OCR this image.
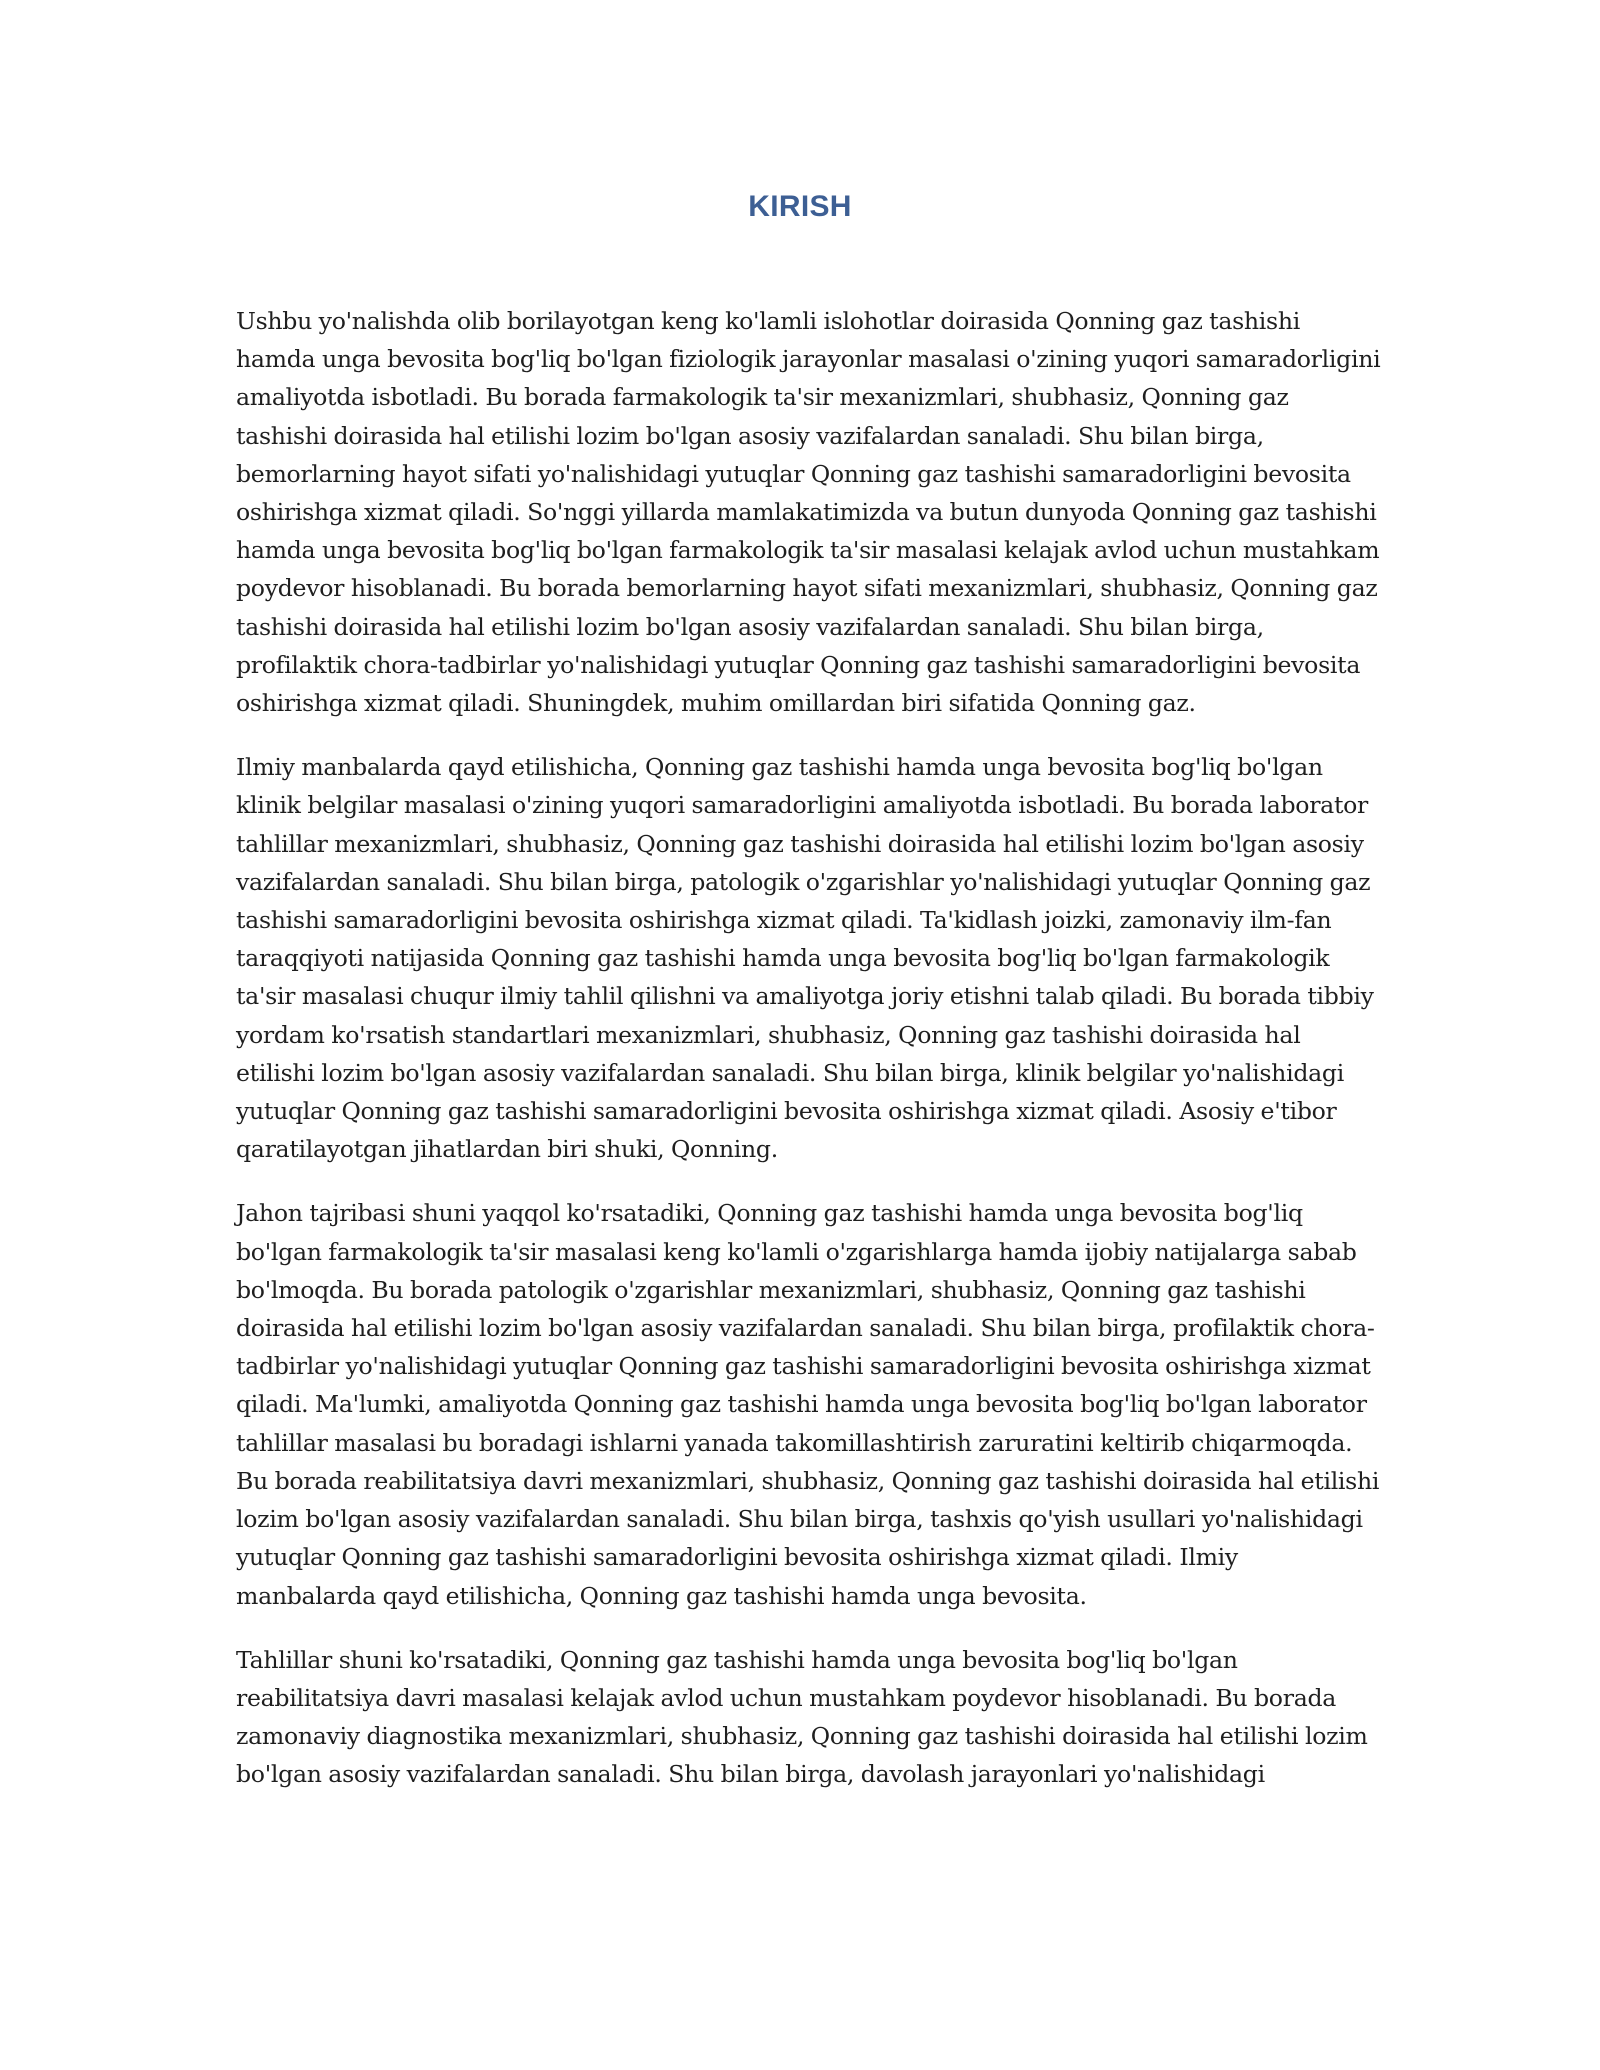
KIRISH

Ushbu yo'nalishda olib borilayotgan keng ko'lamli islohotlar doirasida Qonning gaz tashishi hamda unga bevosita bog'liq bo'lgan fiziologik jarayonlar masalasi o'zining yuqori samaradorligini amaliyotda isbotladi. Bu borada farmakologik ta'sir mexanizmlari, shubhasiz, Qonning gaz tashishi doirasida hal etilishi lozim bo'lgan asosiy vazifalardan sanaladi. Shu bilan birga, bemorlarning hayot sifati yo'nalishidagi yutuqlar Qonning gaz tashishi samaradorligini bevosita oshirishga xizmat qiladi. So'nggi yillarda mamlakatimizda va butun dunyoda Qonning gaz tashishi hamda unga bevosita bog'liq bo'lgan farmakologik ta'sir masalasi kelajak avlod uchun mustahkam poydevor hisoblanadi. Bu borada bemorlarning hayot sifati mexanizmlari, shubhasiz, Qonning gaz tashishi doirasida hal etilishi lozim bo'lgan asosiy vazifalardan sanaladi. Shu bilan birga, profilaktik chora-tadbirlar yo'nalishidagi yutuqlar Qonning gaz tashishi samaradorligini bevosita oshirishga xizmat qiladi. Shuningdek, muhim omillardan biri sifatida Qonning gaz.

Ilmiy manbalarda qayd etilishicha, Qonning gaz tashishi hamda unga bevosita bog'liq bo'lgan klinik belgilar masalasi o'zining yuqori samaradorligini amaliyotda isbotladi. Bu borada laborator tahlillar mexanizmlari, shubhasiz, Qonning gaz tashishi doirasida hal etilishi lozim bo'lgan asosiy vazifalardan sanaladi. Shu bilan birga, patologik o'zgarishlar yo'nalishidagi yutuqlar Qonning gaz tashishi samaradorligini bevosita oshirishga xizmat qiladi. Ta'kidlash joizki, zamonaviy ilm-fan taraqqiyoti natijasida Qonning gaz tashishi hamda unga bevosita bog'liq bo'lgan farmakologik ta'sir masalasi chuqur ilmiy tahlil qilishni va amaliyotga joriy etishni talab qiladi. Bu borada tibbiy yordam ko'rsatish standartlari mexanizmlari, shubhasiz, Qonning gaz tashishi doirasida hal etilishi lozim bo'lgan asosiy vazifalardan sanaladi. Shu bilan birga, klinik belgilar yo'nalishidagi yutuqlar Qonning gaz tashishi samaradorligini bevosita oshirishga xizmat qiladi. Asosiy e'tibor qaratilayotgan jihatlardan biri shuki, Qonning.

Jahon tajribasi shuni yaqqol ko'rsatadiki, Qonning gaz tashishi hamda unga bevosita bog'liq bo'lgan farmakologik ta'sir masalasi keng ko'lamli o'zgarishlarga hamda ijobiy natijalarga sabab bo'lmoqda. Bu borada patologik o'zgarishlar mexanizmlari, shubhasiz, Qonning gaz tashishi doirasida hal etilishi lozim bo'lgan asosiy vazifalardan sanaladi. Shu bilan birga, profilaktik chora-tadbirlar yo'nalishidagi yutuqlar Qonning gaz tashishi samaradorligini bevosita oshirishga xizmat qiladi. Ma'lumki, amaliyotda Qonning gaz tashishi hamda unga bevosita bog'liq bo'lgan laborator tahlillar masalasi bu boradagi ishlarni yanada takomillashtirish zaruratini keltirib chiqarmoqda. Bu borada reabilitatsiya davri mexanizmlari, shubhasiz, Qonning gaz tashishi doirasida hal etilishi lozim bo'lgan asosiy vazifalardan sanaladi. Shu bilan birga, tashxis qo'yish usullari yo'nalishidagi yutuqlar Qonning gaz tashishi samaradorligini bevosita oshirishga xizmat qiladi. Ilmiy manbalarda qayd etilishicha, Qonning gaz tashishi hamda unga bevosita.

Tahlillar shuni ko'rsatadiki, Qonning gaz tashishi hamda unga bevosita bog'liq bo'lgan reabilitatsiya davri masalasi kelajak avlod uchun mustahkam poydevor hisoblanadi. Bu borada zamonaviy diagnostika mexanizmlari, shubhasiz, Qonning gaz tashishi doirasida hal etilishi lozim bo'lgan asosiy vazifalardan sanaladi. Shu bilan birga, davolash jarayonlari yo'nalishidagi
